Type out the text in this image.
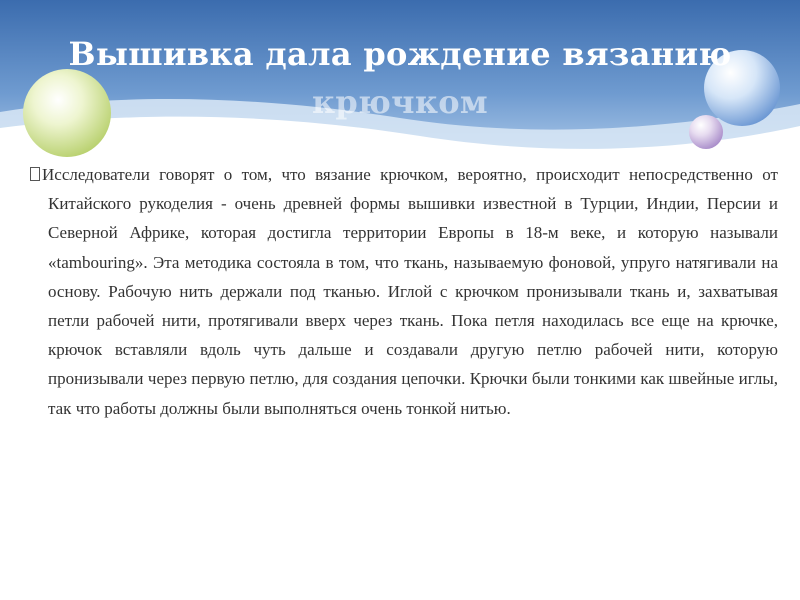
Вышивка дала рождение вязанию
крючком

Исследователи говорят о том, что вязание крючком, вероятно, происходит непосредственно от Китайского рукоделия - очень древней формы вышивки известной в Турции, Индии, Персии и Северной Африке, которая достигла территории Европы в 18-м веке, и которую называли «tambouring». Эта методика состояла в том, что ткань, называемую фоновой, упруго натягивали на основу. Рабочую нить держали под тканью. Иглой с крючком пронизывали ткань и, захватывая петли рабочей нити, протягивали вверх через ткань. Пока петля находилась все еще на крючке, крючок вставляли вдоль чуть дальше и создавали другую петлю рабочей нити, которую пронизывали через первую петлю, для создания цепочки. Крючки были тонкими как швейные иглы, так что работы должны были выполняться очень тонкой нитью.
